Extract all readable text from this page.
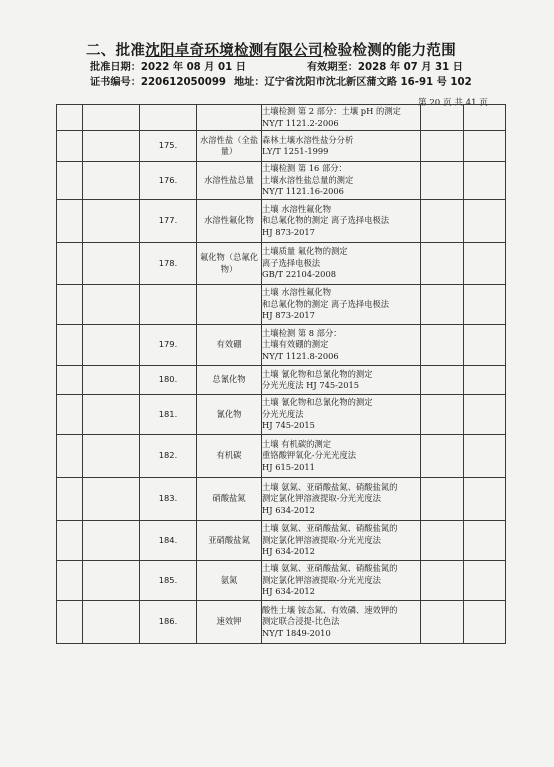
二、批准沈阳卓奇环境检测有限公司检验检测的能力范围
批准日期：2022 年 08 月 01 日	有效期至：2028 年 07 月 31 日
证书编号：220612050099 地址：辽宁省沈阳市沈北新区蒲文路 16-91 号 102
第 20 页 共 41 页

				土壤检测 第 2 部分：土壤 pH 的测定
NY/T 1121.2-2006		

		175.	水溶性盐（全盐量）	森林土壤水溶性盐分分析
LY/T 1251-1999		

		176.	水溶性盐总量	土壤检测 第 16 部分：
土壤水溶性盐总量的测定
NY/T 1121.16-2006		

		177.	水溶性氟化物	土壤 水溶性氟化物
和总氟化物的测定 离子选择电极法
HJ 873-2017		

		178.	氟化物（总氟化物）	土壤质量 氟化物的测定
离子选择电极法
GB/T 22104-2008		

				土壤 水溶性氟化物
和总氟化物的测定 离子选择电极法
HJ 873-2017		

		179.	有效硼	土壤检测 第 8 部分：
土壤有效硼的测定
NY/T 1121.8-2006		

		180.	总氰化物	土壤 氰化物和总氰化物的测定
分光光度法 HJ 745-2015		

		181.	氰化物	土壤 氰化物和总氰化物的测定
分光光度法
HJ 745-2015		

		182.	有机碳	土壤 有机碳的测定
重铬酸钾氧化-分光光度法
HJ 615-2011		

		183.	硝酸盐氮	土壤 氨氮、亚硝酸盐氮、硝酸盐氮的
测定氯化钾溶液提取-分光光度法
HJ 634-2012		

		184.	亚硝酸盐氮	土壤 氨氮、亚硝酸盐氮、硝酸盐氮的
测定氯化钾溶液提取-分光光度法
HJ 634-2012		

		185.	氨氮	土壤 氨氮、亚硝酸盐氮、硝酸盐氮的
测定氯化钾溶液提取-分光光度法
HJ 634-2012		

		186.	速效钾	酸性土壤 铵态氮、有效磷、速效钾的
测定联合浸提-比色法
NY/T 1849-2010		
